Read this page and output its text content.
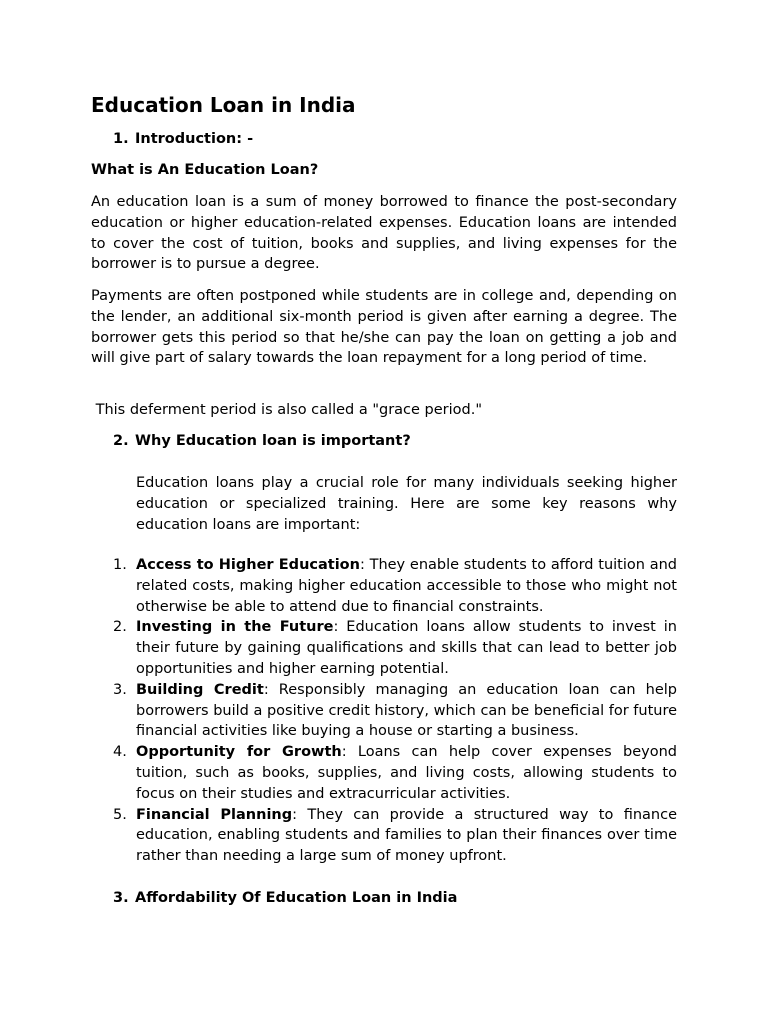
Education Loan in India
1. Introduction: -
What is An Education Loan?

An education loan is a sum of money borrowed to finance the post-secondary education or higher education-related expenses. Education loans are intended to cover the cost of tuition, books and supplies, and living expenses for the borrower is to pursue a degree.

Payments are often postponed while students are in college and, depending on the lender, an additional six-month period is given after earning a degree. The borrower gets this period so that he/she can pay the loan on getting a job and will give part of salary towards the loan repayment for a long period of time.

This deferment period is also called a "grace period."

2. Why Education loan is important?

Education loans play a crucial role for many individuals seeking higher education or specialized training. Here are some key reasons why education loans are important:

1. Access to Higher Education: They enable students to afford tuition and related costs, making higher education accessible to those who might not otherwise be able to attend due to financial constraints.
2. Investing in the Future: Education loans allow students to invest in their future by gaining qualifications and skills that can lead to better job opportunities and higher earning potential.
3. Building Credit: Responsibly managing an education loan can help borrowers build a positive credit history, which can be beneficial for future financial activities like buying a house or starting a business.
4. Opportunity for Growth: Loans can help cover expenses beyond tuition, such as books, supplies, and living costs, allowing students to focus on their studies and extracurricular activities.
5. Financial Planning: They can provide a structured way to finance education, enabling students and families to plan their finances over time rather than needing a large sum of money upfront.
3. Affordability Of Education Loan in India
